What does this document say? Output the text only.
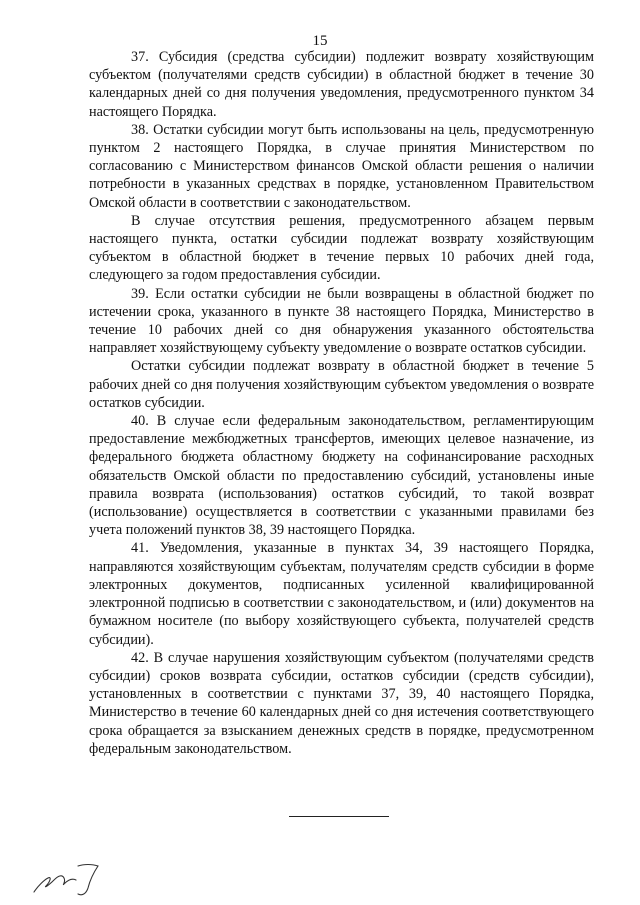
15

37. Субсидия (средства субсидии) подлежит возврату хозяйствующим субъектом (получателями средств субсидии) в областной бюджет в течение 30 календарных дней со дня получения уведомления, предусмотренного пунктом 34 настоящего Порядка.

38. Остатки субсидии могут быть использованы на цель, предусмотренную пунктом 2 настоящего Порядка, в случае принятия Министерством по согласованию с Министерством финансов Омской области решения о наличии потребности в указанных средствах в порядке, установленном Правительством Омской области в соответствии с законодательством.

В случае отсутствия решения, предусмотренного абзацем первым настоящего пункта, остатки субсидии подлежат возврату хозяйствующим субъектом в областной бюджет в течение первых 10 рабочих дней года, следующего за годом предоставления субсидии.

39. Если остатки субсидии не были возвращены в областной бюджет по истечении срока, указанного в пункте 38 настоящего Порядка, Министерство в течение 10 рабочих дней со дня обнаружения указанного обстоятельства направляет хозяйствующему субъекту уведомление о возврате остатков субсидии.

Остатки субсидии подлежат возврату в областной бюджет в течение 5 рабочих дней со дня получения хозяйствующим субъектом уведомления о возврате остатков субсидии.

40. В случае если федеральным законодательством, регламентирующим предоставление межбюджетных трансфертов, имеющих целевое назначение, из федерального бюджета областному бюджету на софинансирование расходных обязательств Омской области по предоставлению субсидий, установлены иные правила возврата (использования) остатков субсидий, то такой возврат (использование) осуществляется в соответствии с указанными правилами без учета положений пунктов 38, 39 настоящего Порядка.

41. Уведомления, указанные в пунктах 34, 39 настоящего Порядка, направляются хозяйствующим субъектам, получателям средств субсидии в форме электронных документов, подписанных усиленной квалифицированной электронной подписью в соответствии с законодательством, и (или) документов на бумажном носителе (по выбору хозяйствующего субъекта, получателей средств субсидии).

42. В случае нарушения хозяйствующим субъектом (получателями средств субсидии) сроков возврата субсидии, остатков субсидии (средств субсидии), установленных в соответствии с пунктами 37, 39, 40 настоящего Порядка, Министерство в течение 60 календарных дней со дня истечения соответствующего срока обращается за взысканием денежных средств в порядке, предусмотренном федеральным законодательством.
